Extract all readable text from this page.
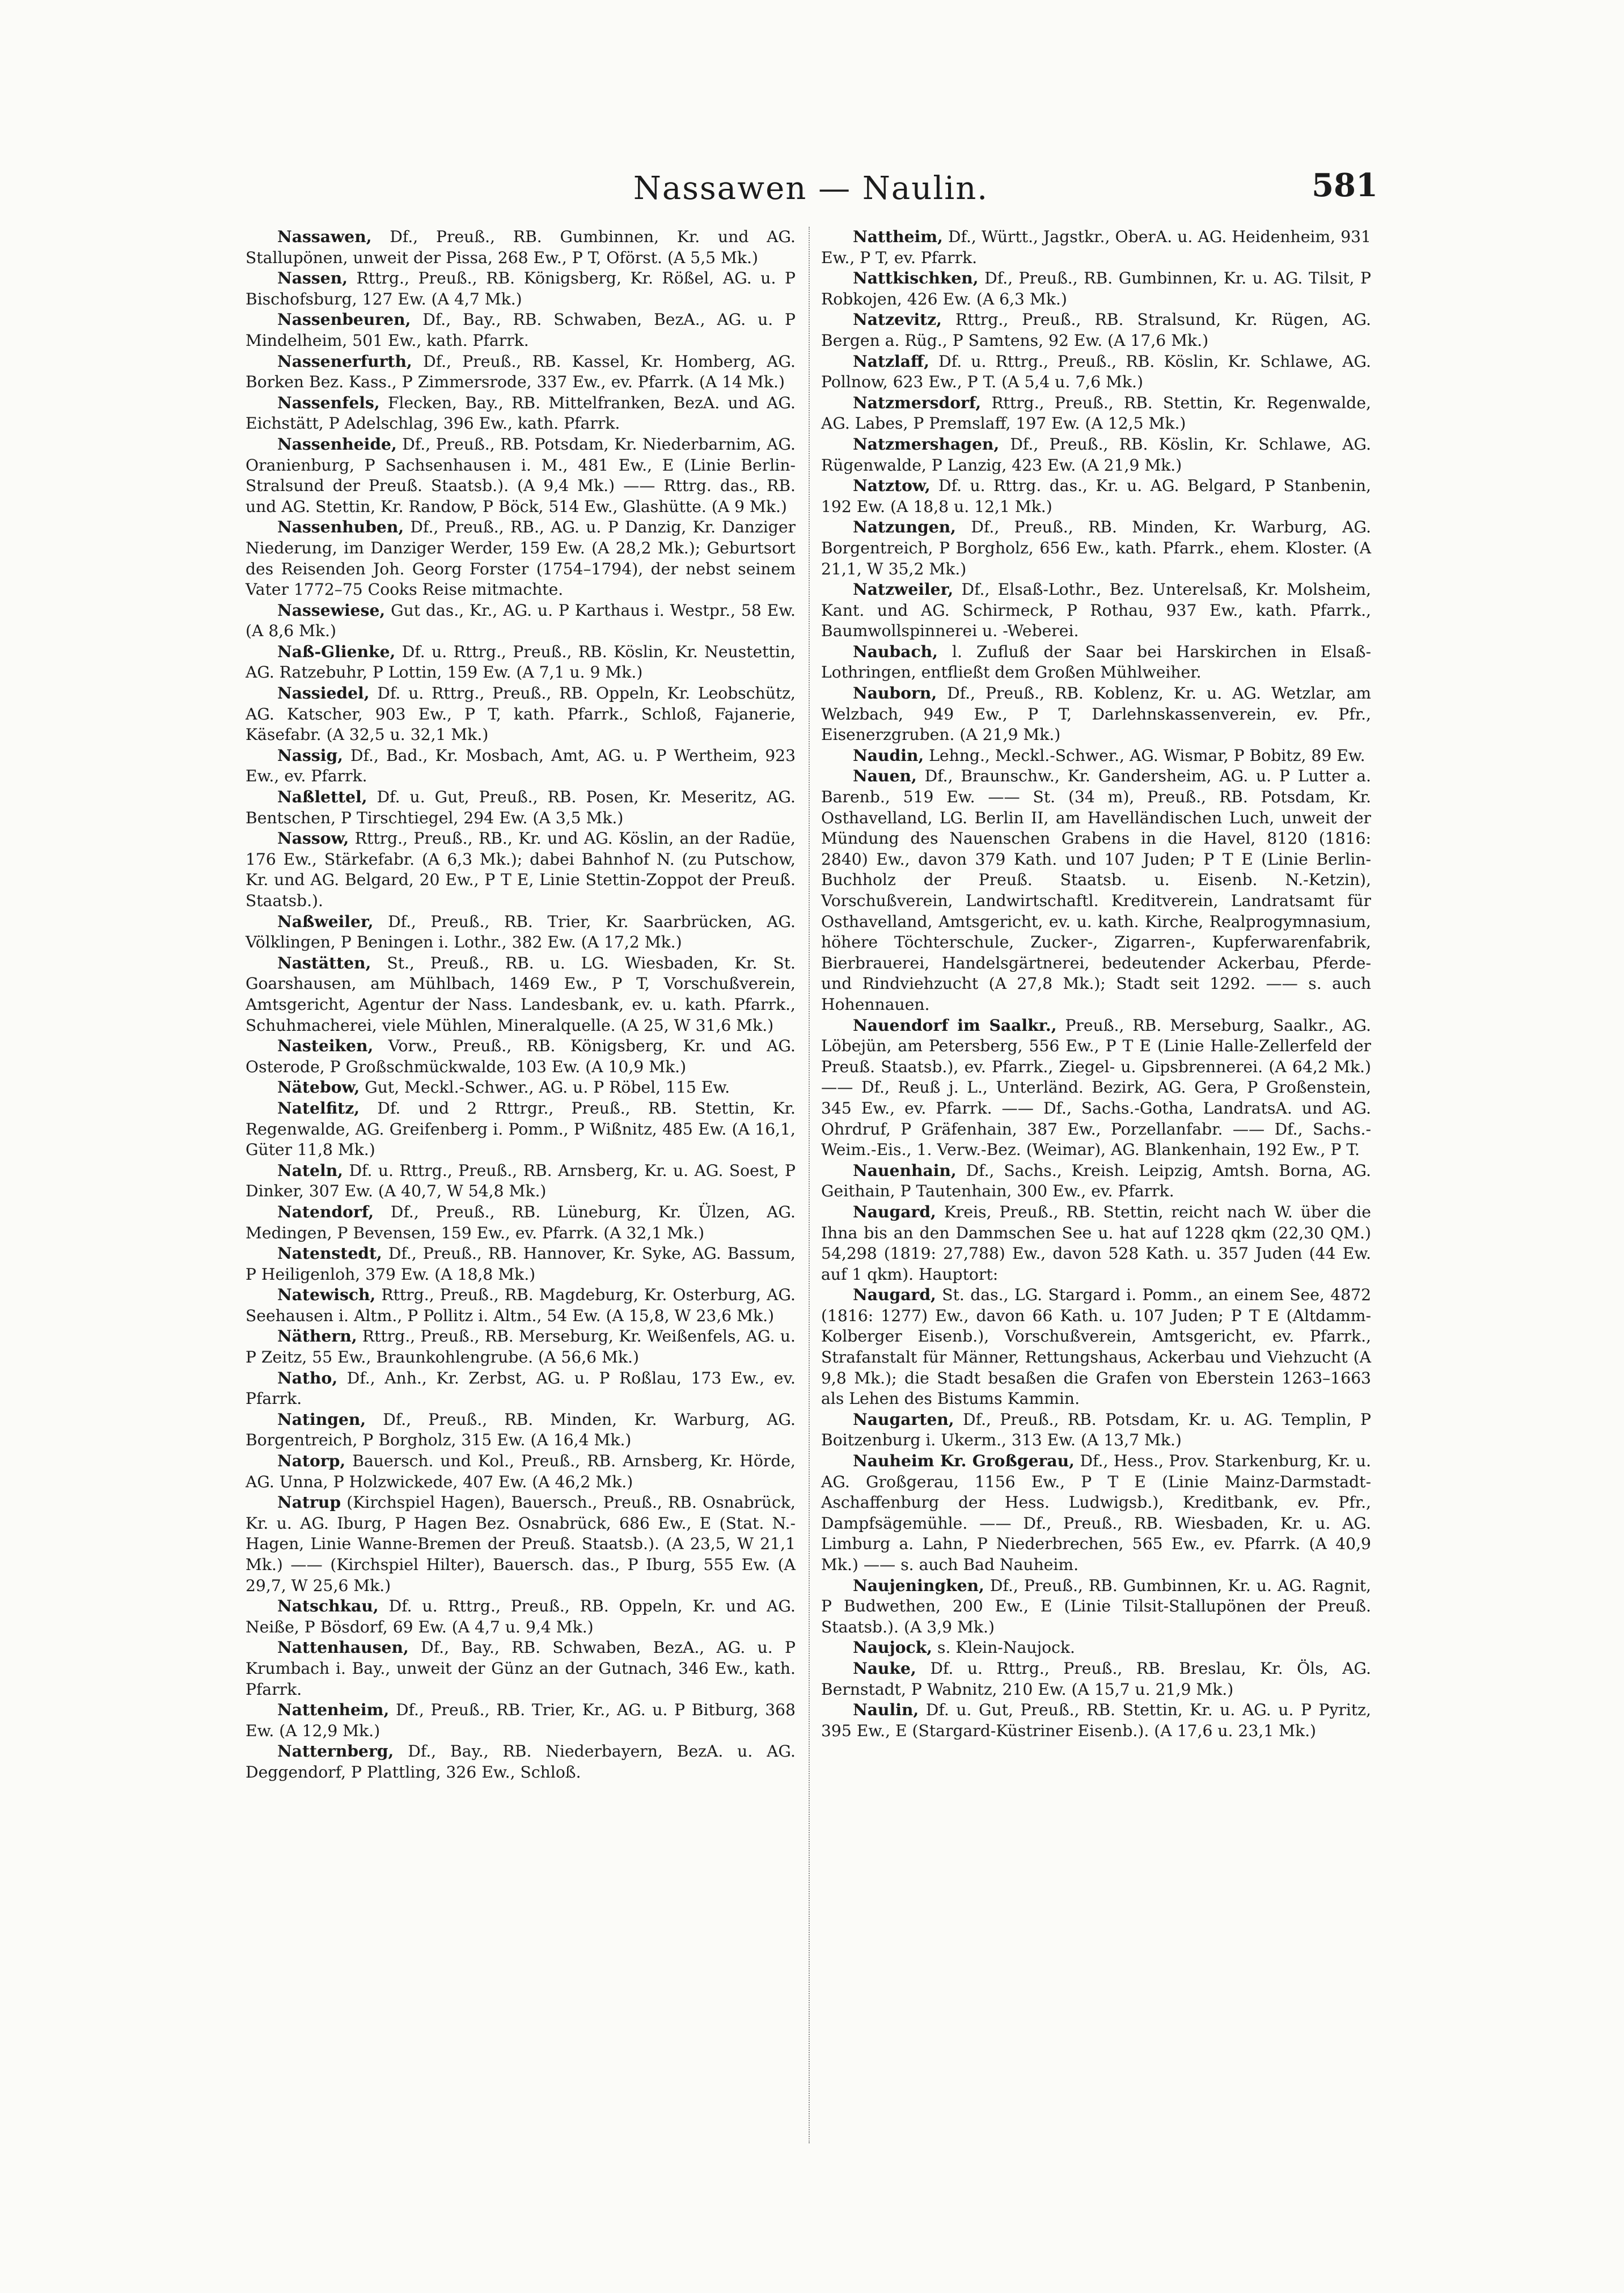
Nassawen — Naulin.	581

Nassawen, Df., Preuß., RB. Gumbinnen, Kr. und AG. Stallupönen, unweit der Pissa, 268 Ew., P T, Oförst. (A 5,5 Mk.)

Nassen, Rttrg., Preuß., RB. Königsberg, Kr. Rößel, AG. u. P Bischofsburg, 127 Ew. (A 4,7 Mk.)

Nassenbeuren, Df., Bay., RB. Schwaben, BezA., AG. u. P Mindelheim, 501 Ew., kath. Pfarrk.

Nassenerfurth, Df., Preuß., RB. Kassel, Kr. Homberg, AG. Borken Bez. Kass., P Zimmersrode, 337 Ew., ev. Pfarrk. (A 14 Mk.)

Nassenfels, Flecken, Bay., RB. Mittelfranken, BezA. und AG. Eichstätt, P Adelschlag, 396 Ew., kath. Pfarrk.

Nassenheide, Df., Preuß., RB. Potsdam, Kr. Niederbarnim, AG. Oranienburg, P Sachsenhausen i. M., 481 Ew., E (Linie Berlin-Stralsund der Preuß. Staatsb.). (A 9,4 Mk.) —— Rttrg. das., RB. und AG. Stettin, Kr. Randow, P Böck, 514 Ew., Glashütte. (A 9 Mk.)

Nassenhuben, Df., Preuß., RB., AG. u. P Danzig, Kr. Danziger Niederung, im Danziger Werder, 159 Ew. (A 28,2 Mk.); Geburtsort des Reisenden Joh. Georg Forster (1754–1794), der nebst seinem Vater 1772–75 Cooks Reise mitmachte.

Nassewiese, Gut das., Kr., AG. u. P Karthaus i. Westpr., 58 Ew. (A 8,6 Mk.)

Naß-Glienke, Df. u. Rttrg., Preuß., RB. Köslin, Kr. Neustettin, AG. Ratzebuhr, P Lottin, 159 Ew. (A 7,1 u. 9 Mk.)

Nassiedel, Df. u. Rttrg., Preuß., RB. Oppeln, Kr. Leobschütz, AG. Katscher, 903 Ew., P T, kath. Pfarrk., Schloß, Fajanerie, Käsefabr. (A 32,5 u. 32,1 Mk.)

Nassig, Df., Bad., Kr. Mosbach, Amt, AG. u. P Wertheim, 923 Ew., ev. Pfarrk.

Naßlettel, Df. u. Gut, Preuß., RB. Posen, Kr. Meseritz, AG. Bentschen, P Tirschtiegel, 294 Ew. (A 3,5 Mk.)

Nassow, Rttrg., Preuß., RB., Kr. und AG. Köslin, an der Radüe, 176 Ew., Stärkefabr. (A 6,3 Mk.); dabei Bahnhof N. (zu Putschow, Kr. und AG. Belgard, 20 Ew., P T E, Linie Stettin-Zoppot der Preuß. Staatsb.).

Naßweiler, Df., Preuß., RB. Trier, Kr. Saarbrücken, AG. Völklingen, P Beningen i. Lothr., 382 Ew. (A 17,2 Mk.)

Nastätten, St., Preuß., RB. u. LG. Wiesbaden, Kr. St. Goarshausen, am Mühlbach, 1469 Ew., P T, Vorschußverein, Amtsgericht, Agentur der Nass. Landesbank, ev. u. kath. Pfarrk., Schuhmacherei, viele Mühlen, Mineralquelle. (A 25, W 31,6 Mk.)

Nasteiken, Vorw., Preuß., RB. Königsberg, Kr. und AG. Osterode, P Großschmückwalde, 103 Ew. (A 10,9 Mk.)

Nätebow, Gut, Meckl.-Schwer., AG. u. P Röbel, 115 Ew.

Natelfitz, Df. und 2 Rttrgr., Preuß., RB. Stettin, Kr. Regenwalde, AG. Greifenberg i. Pomm., P Wißnitz, 485 Ew. (A 16,1, Güter 11,8 Mk.)

Nateln, Df. u. Rttrg., Preuß., RB. Arnsberg, Kr. u. AG. Soest, P Dinker, 307 Ew. (A 40,7, W 54,8 Mk.)

Natendorf, Df., Preuß., RB. Lüneburg, Kr. Ülzen, AG. Medingen, P Bevensen, 159 Ew., ev. Pfarrk. (A 32,1 Mk.)

Natenstedt, Df., Preuß., RB. Hannover, Kr. Syke, AG. Bassum, P Heiligenloh, 379 Ew. (A 18,8 Mk.)

Natewisch, Rttrg., Preuß., RB. Magdeburg, Kr. Osterburg, AG. Seehausen i. Altm., P Pollitz i. Altm., 54 Ew. (A 15,8, W 23,6 Mk.)

Näthern, Rttrg., Preuß., RB. Merseburg, Kr. Weißenfels, AG. u. P Zeitz, 55 Ew., Braunkohlengrube. (A 56,6 Mk.)

Natho, Df., Anh., Kr. Zerbst, AG. u. P Roßlau, 173 Ew., ev. Pfarrk.

Natingen, Df., Preuß., RB. Minden, Kr. Warburg, AG. Borgentreich, P Borgholz, 315 Ew. (A 16,4 Mk.)

Natorp, Bauersch. und Kol., Preuß., RB. Arnsberg, Kr. Hörde, AG. Unna, P Holzwickede, 407 Ew. (A 46,2 Mk.)

Natrup (Kirchspiel Hagen), Bauersch., Preuß., RB. Osnabrück, Kr. u. AG. Iburg, P Hagen Bez. Osnabrück, 686 Ew., E (Stat. N.-Hagen, Linie Wanne-Bremen der Preuß. Staatsb.). (A 23,5, W 21,1 Mk.) —— (Kirchspiel Hilter), Bauersch. das., P Iburg, 555 Ew. (A 29,7, W 25,6 Mk.)

Natschkau, Df. u. Rttrg., Preuß., RB. Oppeln, Kr. und AG. Neiße, P Bösdorf, 69 Ew. (A 4,7 u. 9,4 Mk.)

Nattenhausen, Df., Bay., RB. Schwaben, BezA., AG. u. P Krumbach i. Bay., unweit der Günz an der Gutnach, 346 Ew., kath. Pfarrk.

Nattenheim, Df., Preuß., RB. Trier, Kr., AG. u. P Bitburg, 368 Ew. (A 12,9 Mk.)

Natternberg, Df., Bay., RB. Niederbayern, BezA. u. AG. Deggendorf, P Plattling, 326 Ew., Schloß.

Nattheim, Df., Württ., Jagstkr., OberA. u. AG. Heidenheim, 931 Ew., P T, ev. Pfarrk.

Nattkischken, Df., Preuß., RB. Gumbinnen, Kr. u. AG. Tilsit, P Robkojen, 426 Ew. (A 6,3 Mk.)

Natzevitz, Rttrg., Preuß., RB. Stralsund, Kr. Rügen, AG. Bergen a. Rüg., P Samtens, 92 Ew. (A 17,6 Mk.)

Natzlaff, Df. u. Rttrg., Preuß., RB. Köslin, Kr. Schlawe, AG. Pollnow, 623 Ew., P T. (A 5,4 u. 7,6 Mk.)

Natzmersdorf, Rttrg., Preuß., RB. Stettin, Kr. Regenwalde, AG. Labes, P Premslaff, 197 Ew. (A 12,5 Mk.)

Natzmershagen, Df., Preuß., RB. Köslin, Kr. Schlawe, AG. Rügenwalde, P Lanzig, 423 Ew. (A 21,9 Mk.)

Natztow, Df. u. Rttrg. das., Kr. u. AG. Belgard, P Stanbenin, 192 Ew. (A 18,8 u. 12,1 Mk.)

Natzungen, Df., Preuß., RB. Minden, Kr. Warburg, AG. Borgentreich, P Borgholz, 656 Ew., kath. Pfarrk., ehem. Kloster. (A 21,1, W 35,2 Mk.)

Natzweiler, Df., Elsaß-Lothr., Bez. Unterelsaß, Kr. Molsheim, Kant. und AG. Schirmeck, P Rothau, 937 Ew., kath. Pfarrk., Baumwollspinnerei u. -Weberei.

Naubach, l. Zufluß der Saar bei Harskirchen in Elsaß-Lothringen, entfließt dem Großen Mühlweiher.

Nauborn, Df., Preuß., RB. Koblenz, Kr. u. AG. Wetzlar, am Welzbach, 949 Ew., P T, Darlehnskassenverein, ev. Pfr., Eisenerzgruben. (A 21,9 Mk.)

Naudin, Lehng., Meckl.-Schwer., AG. Wismar, P Bobitz, 89 Ew.

Nauen, Df., Braunschw., Kr. Gandersheim, AG. u. P Lutter a. Barenb., 519 Ew. —— St. (34 m), Preuß., RB. Potsdam, Kr. Osthavelland, LG. Berlin II, am Havelländischen Luch, unweit der Mündung des Nauenschen Grabens in die Havel, 8120 (1816: 2840) Ew., davon 379 Kath. und 107 Juden; P T E (Linie Berlin-Buchholz der Preuß. Staatsb. u. Eisenb. N.-Ketzin), Vorschußverein, Landwirtschaftl. Kreditverein, Landratsamt für Osthavelland, Amtsgericht, ev. u. kath. Kirche, Realprogymnasium, höhere Töchterschule, Zucker-, Zigarren-, Kupferwarenfabrik, Bierbrauerei, Handelsgärtnerei, bedeutender Ackerbau, Pferde- und Rindviehzucht (A 27,8 Mk.); Stadt seit 1292. —— s. auch Hohennauen.

Nauendorf im Saalkr., Preuß., RB. Merseburg, Saalkr., AG. Löbejün, am Petersberg, 556 Ew., P T E (Linie Halle-Zellerfeld der Preuß. Staatsb.), ev. Pfarrk., Ziegel- u. Gipsbrennerei. (A 64,2 Mk.) —— Df., Reuß j. L., Unterländ. Bezirk, AG. Gera, P Großenstein, 345 Ew., ev. Pfarrk. —— Df., Sachs.-Gotha, LandratsA. und AG. Ohrdruf, P Gräfenhain, 387 Ew., Porzellanfabr. —— Df., Sachs.-Weim.-Eis., 1. Verw.-Bez. (Weimar), AG. Blankenhain, 192 Ew., P T.

Nauenhain, Df., Sachs., Kreish. Leipzig, Amtsh. Borna, AG. Geithain, P Tautenhain, 300 Ew., ev. Pfarrk.

Naugard, Kreis, Preuß., RB. Stettin, reicht nach W. über die Ihna bis an den Dammschen See u. hat auf 1228 qkm (22,30 QM.) 54,298 (1819: 27,788) Ew., davon 528 Kath. u. 357 Juden (44 Ew. auf 1 qkm). Hauptort:

Naugard, St. das., LG. Stargard i. Pomm., an einem See, 4872 (1816: 1277) Ew., davon 66 Kath. u. 107 Juden; P T E (Altdamm-Kolberger Eisenb.), Vorschußverein, Amtsgericht, ev. Pfarrk., Strafanstalt für Männer, Rettungshaus, Ackerbau und Viehzucht (A 9,8 Mk.); die Stadt besaßen die Grafen von Eberstein 1263–1663 als Lehen des Bistums Kammin.

Naugarten, Df., Preuß., RB. Potsdam, Kr. u. AG. Templin, P Boitzenburg i. Ukerm., 313 Ew. (A 13,7 Mk.)

Nauheim Kr. Großgerau, Df., Hess., Prov. Starkenburg, Kr. u. AG. Großgerau, 1156 Ew., P T E (Linie Mainz-Darmstadt-Aschaffenburg der Hess. Ludwigsb.), Kreditbank, ev. Pfr., Dampfsägemühle. —— Df., Preuß., RB. Wiesbaden, Kr. u. AG. Limburg a. Lahn, P Niederbrechen, 565 Ew., ev. Pfarrk. (A 40,9 Mk.) —— s. auch Bad Nauheim.

Naujeningken, Df., Preuß., RB. Gumbinnen, Kr. u. AG. Ragnit, P Budwethen, 200 Ew., E (Linie Tilsit-Stallupönen der Preuß. Staatsb.). (A 3,9 Mk.)

Naujock, s. Klein-Naujock.

Nauke, Df. u. Rttrg., Preuß., RB. Breslau, Kr. Öls, AG. Bernstadt, P Wabnitz, 210 Ew. (A 15,7 u. 21,9 Mk.)

Naulin, Df. u. Gut, Preuß., RB. Stettin, Kr. u. AG. u. P Pyritz, 395 Ew., E (Stargard-Küstriner Eisenb.). (A 17,6 u. 23,1 Mk.)
